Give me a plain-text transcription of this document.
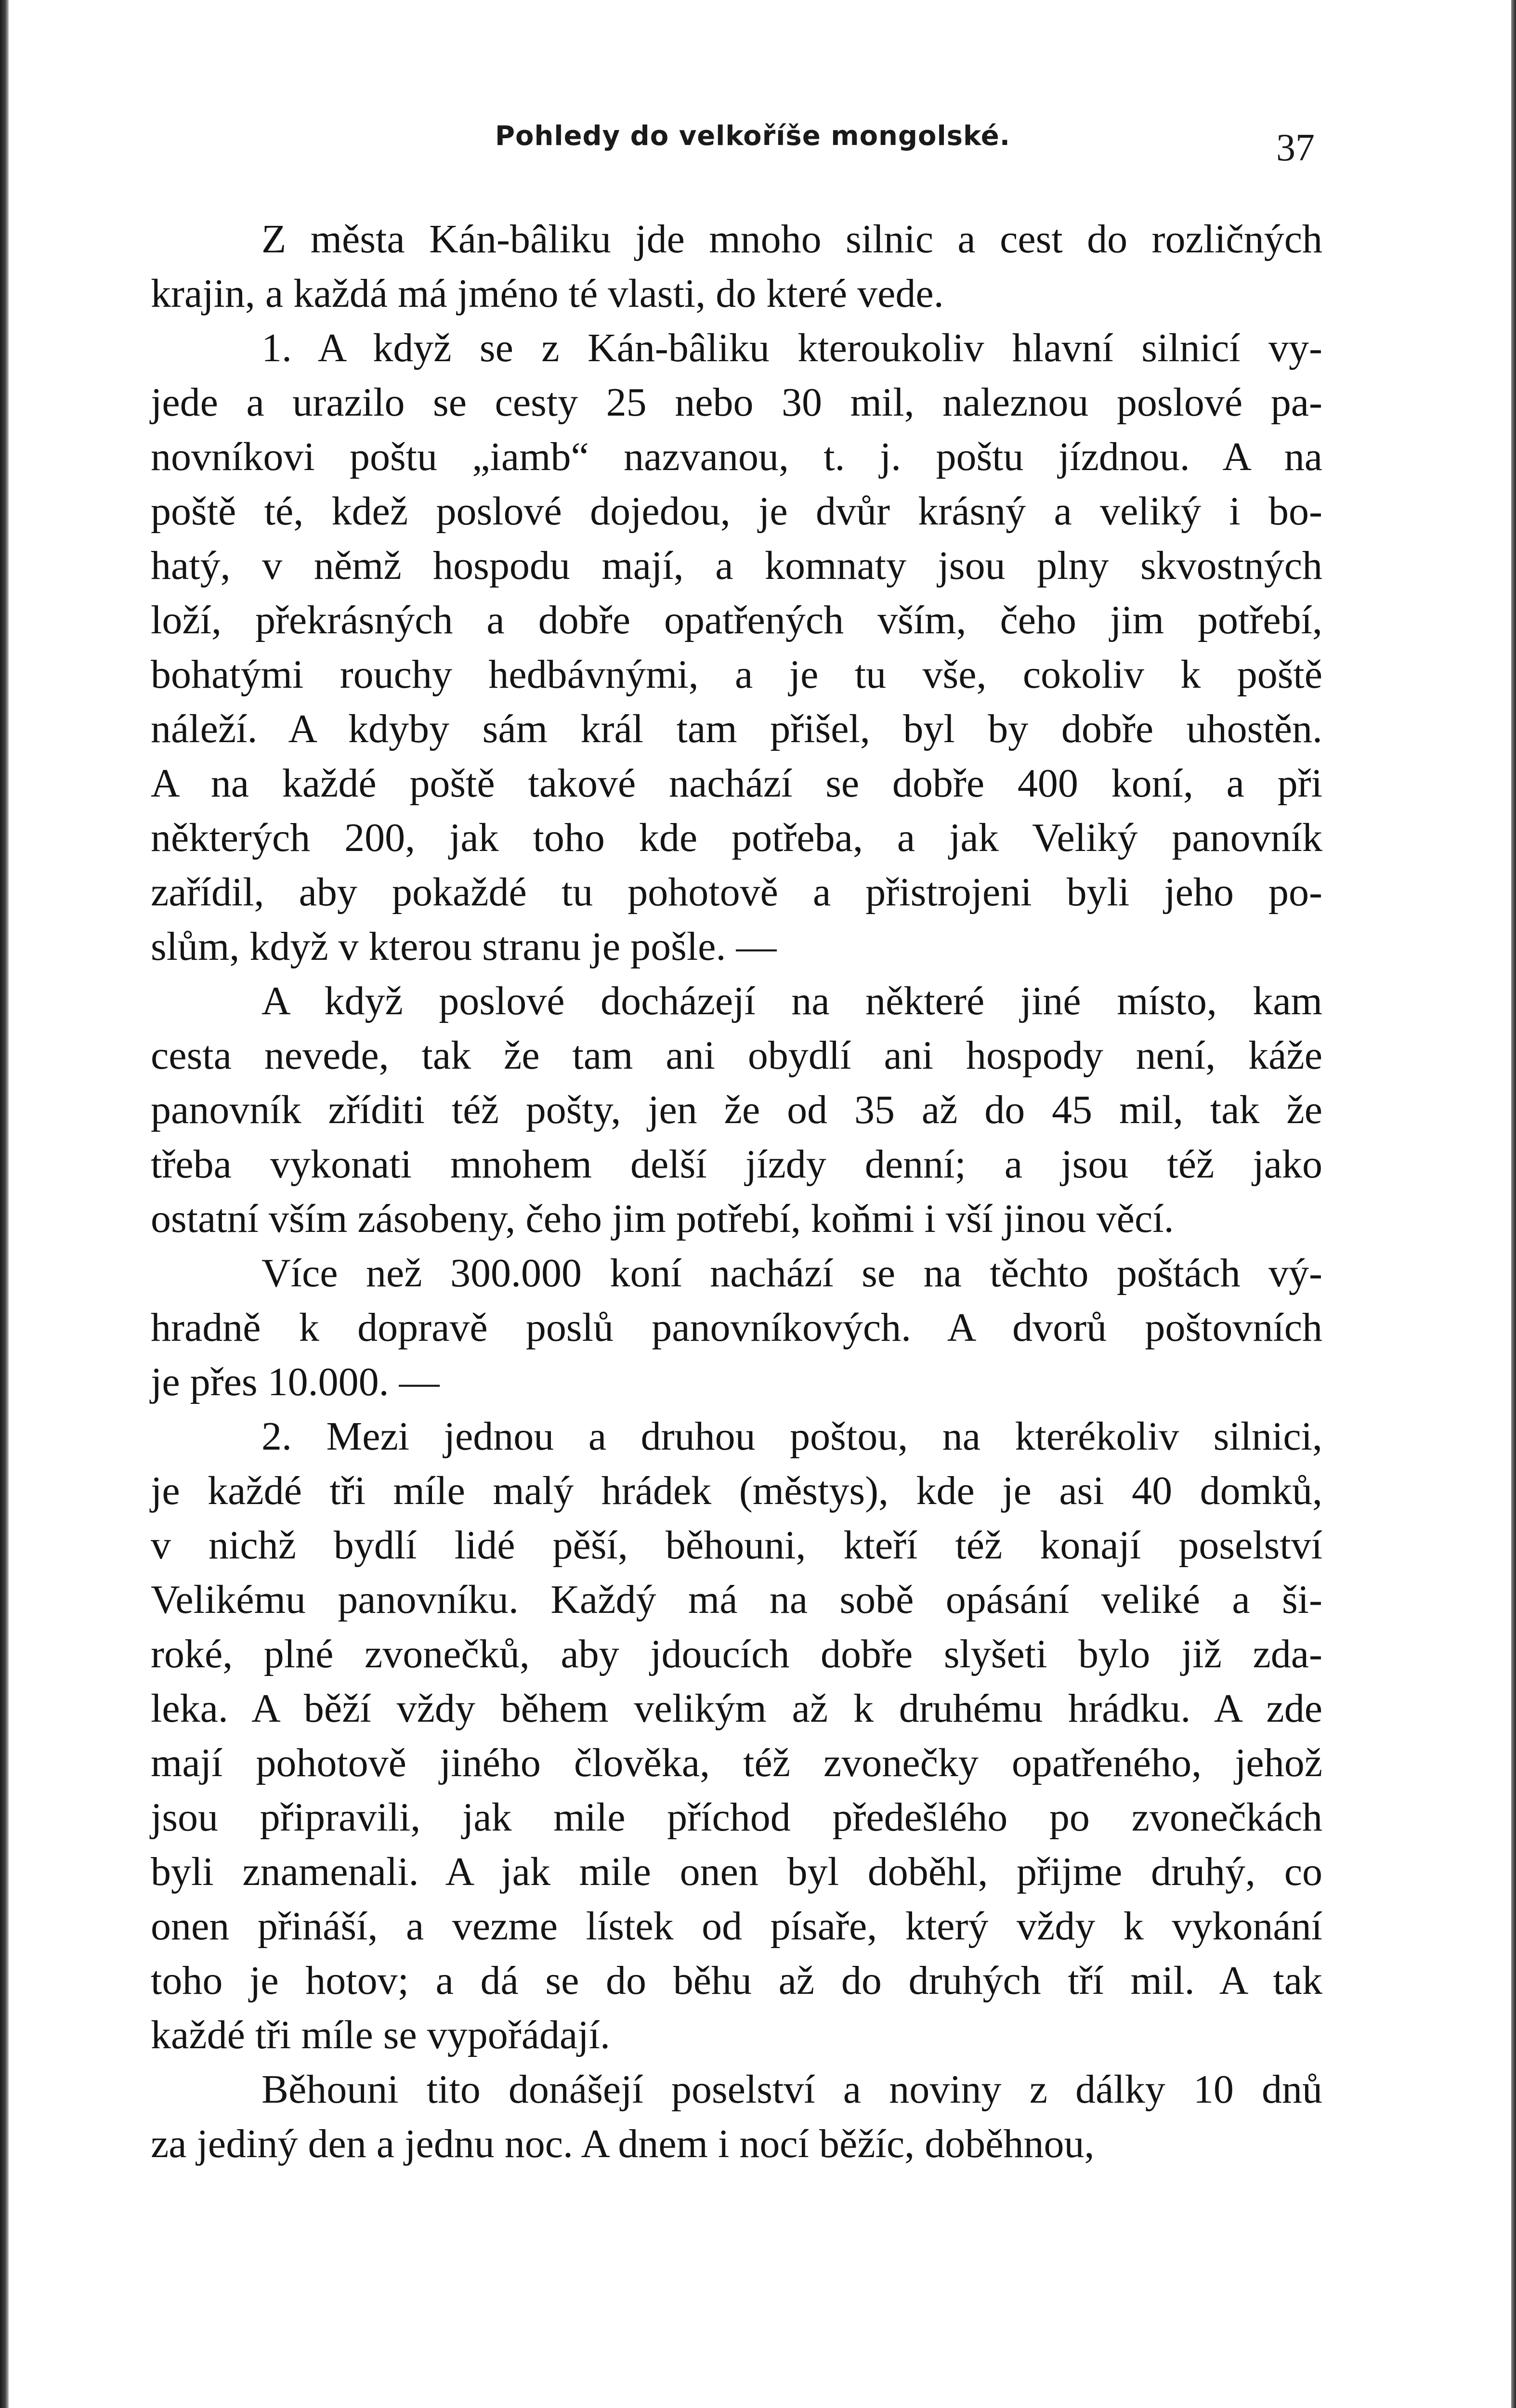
Pohledy do velkoříše mongolské.	37

Z města Kán-bâliku jde mnoho silnic a cest do rozličných
krajin, a každá má jméno té vlasti, do které vede.

1. A když se z Kán-bâliku kteroukoliv hlavní silnicí vy-
jede a urazilo se cesty 25 nebo 30 mil, naleznou poslové pa-
novníkovi poštu „iamb“ nazvanou, t. j. poštu jízdnou. A na
poště té, kdež poslové dojedou, je dvůr krásný a veliký i bo-
hatý, v němž hospodu mají, a komnaty jsou plny skvostných
loží, překrásných a dobře opatřených vším, čeho jim potřebí,
bohatými rouchy hedbávnými, a je tu vše, cokoliv k poště
náleží. A kdyby sám král tam přišel, byl by dobře uhostěn.
A na každé poště takové nachází se dobře 400 koní, a při
některých 200, jak toho kde potřeba, a jak Veliký panovník
zařídil, aby pokaždé tu pohotově a přistrojeni byli jeho po-
slům, když v kterou stranu je pošle. —

A když poslové docházejí na některé jiné místo, kam
cesta nevede, tak že tam ani obydlí ani hospody není, káže
panovník zříditi též pošty, jen že od 35 až do 45 mil, tak že
třeba vykonati mnohem delší jízdy denní; a jsou též jako
ostatní vším zásobeny, čeho jim potřebí, koňmi i vší jinou věcí.

Více než 300.000 koní nachází se na těchto poštách vý-
hradně k dopravě poslů panovníkových. A dvorů poštovních
je přes 10.000. —

2. Mezi jednou a druhou poštou, na kterékoliv silnici,
je každé tři míle malý hrádek (městys), kde je asi 40 domků,
v nichž bydlí lidé pěší, běhouni, kteří též konají poselství
Velikému panovníku. Každý má na sobě opásání veliké a ši-
roké, plné zvonečků, aby jdoucích dobře slyšeti bylo již zda-
leka. A běží vždy během velikým až k druhému hrádku. A zde
mají pohotově jiného člověka, též zvonečky opatřeného, jehož
jsou připravili, jak mile příchod předešlého po zvonečkách
byli znamenali. A jak mile onen byl doběhl, přijme druhý, co
onen přináší, a vezme lístek od písaře, který vždy k vykonání
toho je hotov; a dá se do běhu až do druhých tří mil. A tak
každé tři míle se vypořádají.

Běhouni tito donášejí poselství a noviny z dálky 10 dnů
za jediný den a jednu noc. A dnem i nocí běžíc, doběhnou,
